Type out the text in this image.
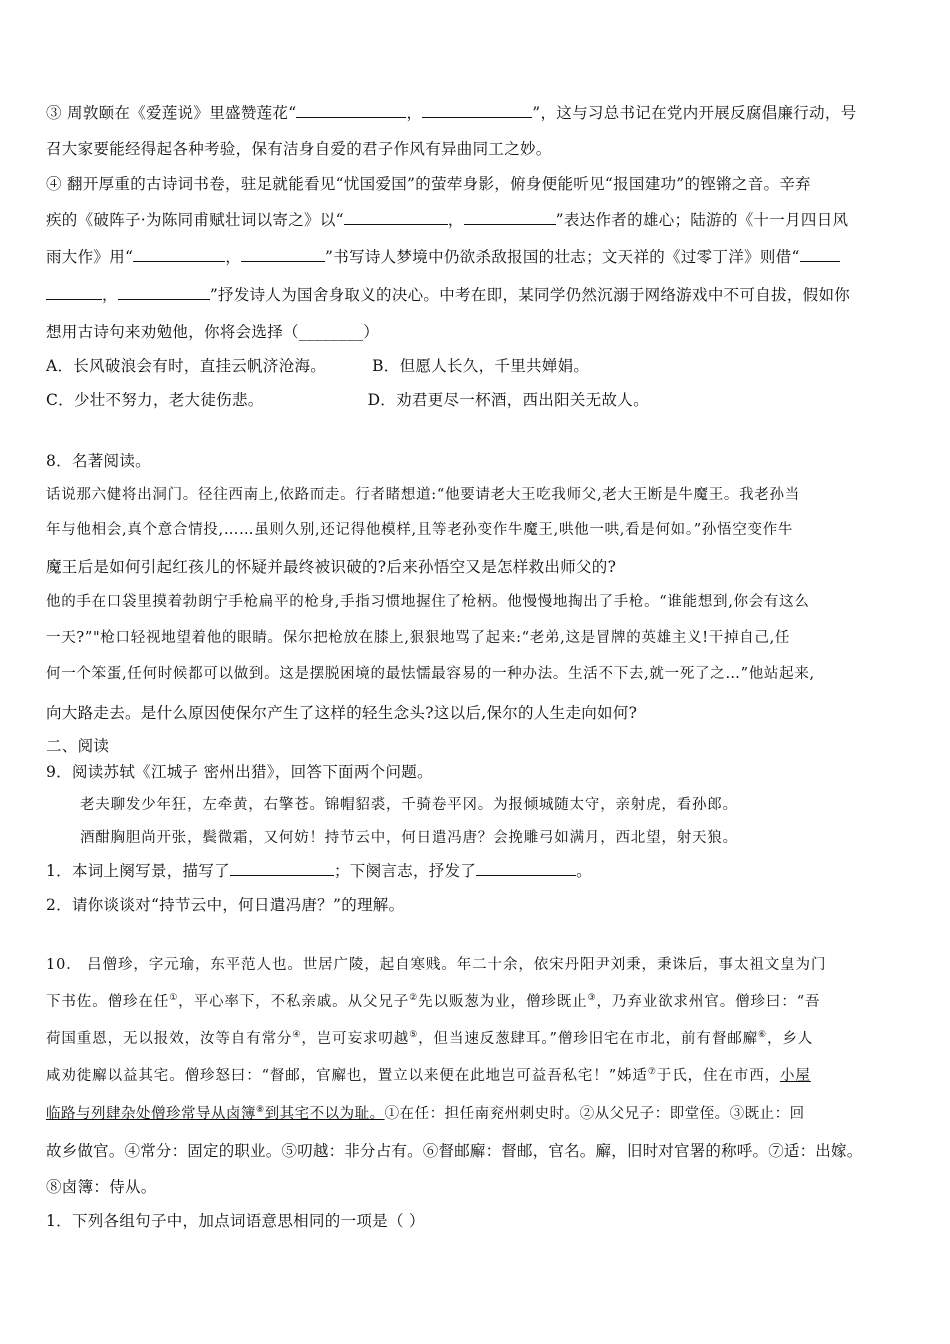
③ 周敦颐在《爱莲说》里盛赞莲花“	，	”，这与习总书记在党内开展反腐倡廉行动，号
召大家要能经得起各种考验，保有洁身自爱的君子作风有异曲同工之妙。
④ 翻开厚重的古诗词书卷，驻足就能看见“忧国爱国”的萤荦身影，俯身便能听见“报国建功”的铿锵之音。辛弃
疾的《破阵子·为陈同甫赋壮词以寄之》以“	，	”表达作者的雄心；陆游的《十一月四日风
雨大作》用“	，	”书写诗人梦境中仍欲杀敌报国的壮志；文天祥的《过零丁洋》则借“
，	”抒发诗人为国舍身取义的决心。中考在即，某同学仍然沉溺于网络游戏中不可自拔，假如你
想用古诗句来劝勉他，你将会选择（________）
A．长风破浪会有时，直挂云帆济沧海。	B．但愿人长久，千里共婵娟。
C．少壮不努力，老大徒伤悲。	D．劝君更尽一杯酒，西出阳关无故人。
8．名著阅读。
话说那六健将出洞门。径往西南上,依路而走。行者睹想道:“他要请老大王吃我师父,老大王断是牛魔王。我老孙当
年与他相会,真个意合情投,……虽则久别,还记得他模样,且等老孙变作牛魔王,哄他一哄,看是何如。”孙悟空变作牛
魔王后是如何引起红孩儿的怀疑并最终被识破的?后来孙悟空又是怎样救出师父的?
他的手在口袋里摸着勃朗宁手枪扁平的枪身,手指习惯地握住了枪柄。他慢慢地掏出了手枪。“谁能想到,你会有这么
一天?”"枪口轻视地望着他的眼睛。保尔把枪放在膝上,狠狠地骂了起来:“老弟,这是冒牌的英雄主义!干掉自己,任
何一个笨蛋,任何时候都可以做到。这是摆脱困境的最怯懦最容易的一种办法。生活不下去,就一死了之…”他站起来,
向大路走去。是什么原因使保尔产生了这样的轻生念头?这以后,保尔的人生走向如何?
二、阅读
9．阅读苏轼《江城子 密州出猎》，回答下面两个问题。
老夫聊发少年狂，左牵黄，右擎苍。锦帽貂裘，千骑卷平冈。为报倾城随太守，亲射虎，看孙郎。
酒酣胸胆尚开张，鬓微霜，又何妨！持节云中，何日遣冯唐？会挽雕弓如满月，西北望，射天狼。
1．本词上阕写景，描写了	；下阕言志，抒发了	。
2．请你谈谈对“持节云中，何日遣冯唐？”的理解。
10． 吕僧珍，字元瑜，东平范人也。世居广陵，起自寒贱。年二十余，依宋丹阳尹刘秉，秉诛后，事太祖文皇为门
下书佐。僧珍在任①，平心率下，不私亲戚。从父兄子②先以贩葱为业，僧珍既止③，乃弃业欲求州官。僧珍曰：“吾
荷国重恩，无以报效，汝等自有常分④，岂可妄求叨越⑤，但当速反葱肆耳。”僧珍旧宅在市北，前有督邮廨⑥，乡人
咸劝徙廨以益其宅。僧珍怒曰：“督邮，官廨也，置立以来便在此地岂可益吾私宅！”姊适⑦于氏，住在市西，小屋
临路与列肆杂处僧珍常导从卤簿⑧到其宅不以为耻。①在任：担任南兖州刺史时。②从父兄子：即堂侄。③既止：回
故乡做官。④常分：固定的职业。⑤叨越：非分占有。⑥督邮廨：督邮，官名。廨，旧时对官署的称呼。⑦适：出嫁。
⑧卤簿：侍从。
1．下列各组句子中，加点词语意思相同的一项是（ ）
